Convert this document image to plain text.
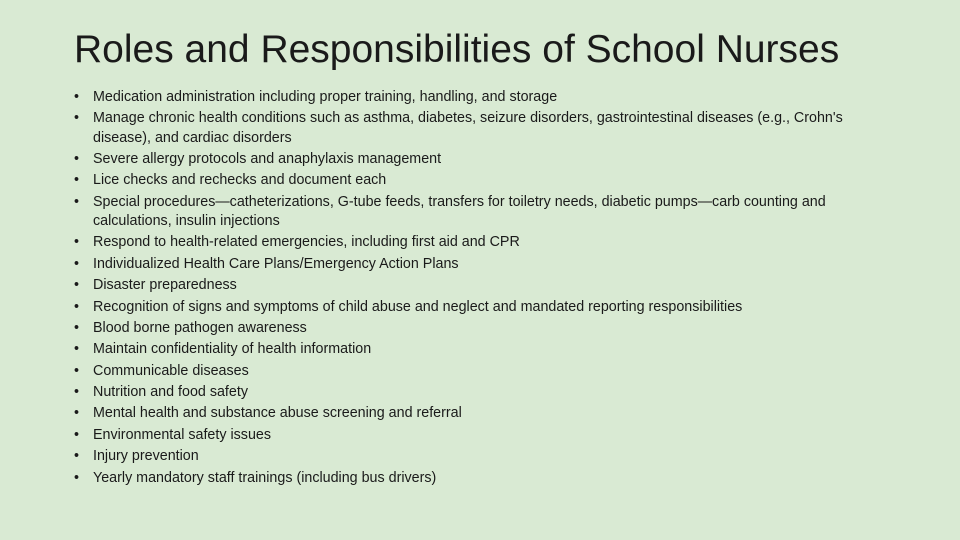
Roles and Responsibilities of School Nurses
• Medication administration including proper training, handling, and storage
• Manage chronic health conditions such as asthma, diabetes, seizure disorders, gastrointestinal diseases (e.g., Crohn's disease), and cardiac disorders
• Severe allergy protocols and anaphylaxis management
• Lice checks and rechecks and document each
• Special procedures—catheterizations, G-tube feeds, transfers for toiletry needs, diabetic pumps—carb counting and calculations, insulin injections
• Respond to health-related emergencies, including first aid and CPR
• Individualized Health Care Plans/Emergency Action Plans
• Disaster preparedness
• Recognition of signs and symptoms of child abuse and neglect and mandated reporting responsibilities
• Blood borne pathogen awareness
• Maintain confidentiality of health information
• Communicable diseases
• Nutrition and food safety
• Mental health and substance abuse screening and referral
• Environmental safety issues
• Injury prevention
• Yearly mandatory staff trainings (including bus drivers)
